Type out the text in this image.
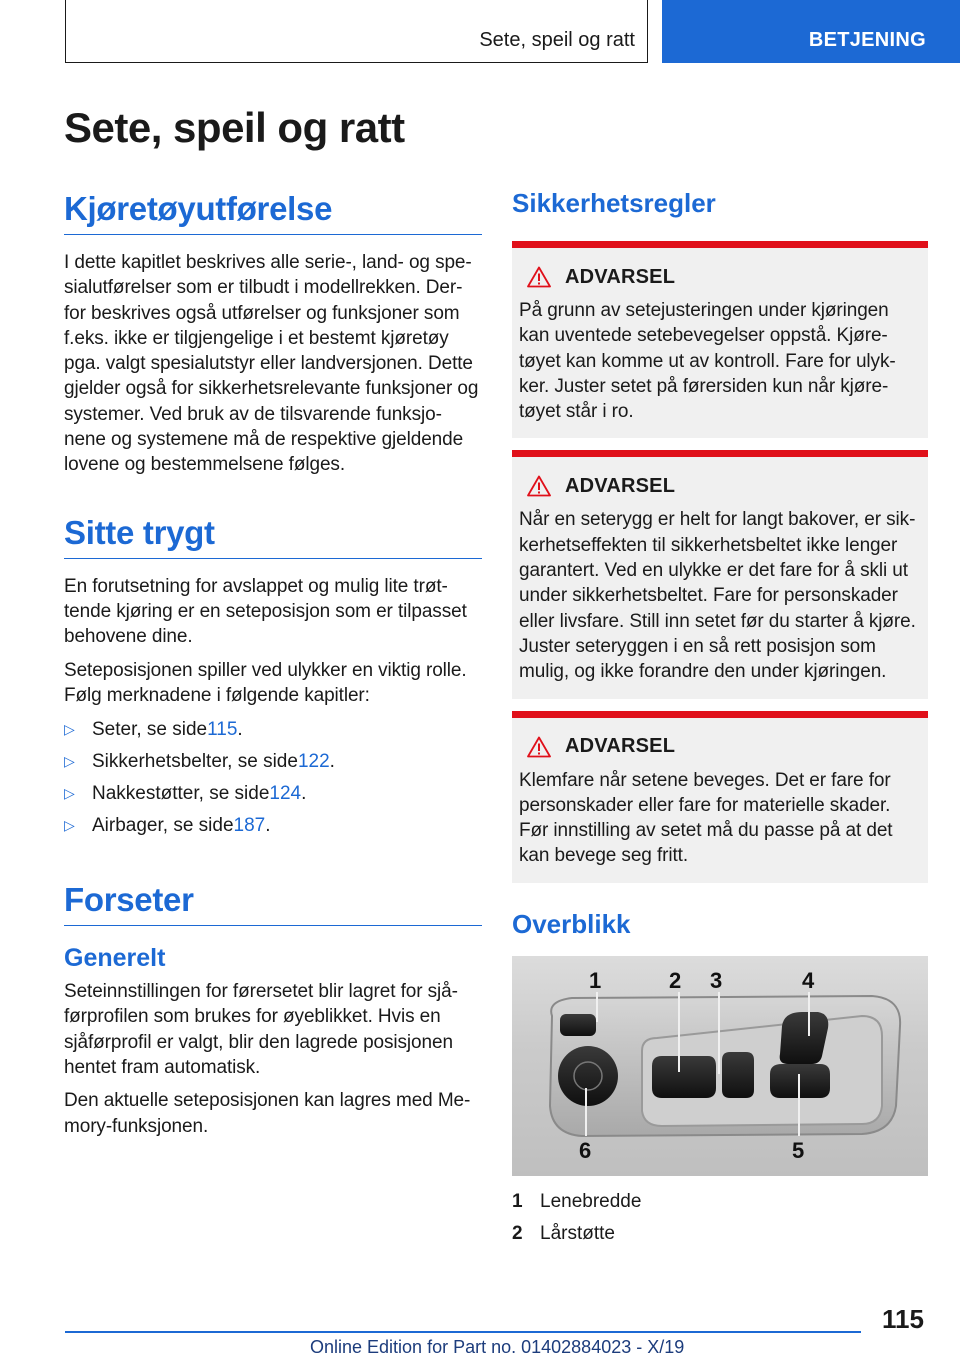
Sete, speil og ratt	BETJENING
Sete, speil og ratt
Kjøretøyutførelse

I dette kapitlet beskrives alle serie-, land- og spe-sialutførelser som er tilbudt i modellrekken. Der-for beskrives også utførelser og funksjoner som f.eks. ikke er tilgjengelige i et bestemt kjøretøy pga. valgt spesialutstyr eller landversjonen. Dette gjelder også for sikkerhetsrelevante funksjoner og systemer. Ved bruk av de tilsvarende funksjo-nene og systemene må de respektive gjeldende lovene og bestemmelsene følges.

Sitte trygt

En forutsetning for avslappet og mulig lite trøt-tende kjøring er en seteposisjon som er tilpasset behovene dine.

Seteposisjonen spiller ved ulykker en viktig rolle. Følg merknadene i følgende kapitler:

▷ Seter, se side 115 .
▷ Sikkerhetsbelter, se side 122 .
▷ Nakkestøtter, se side 124 .
▷ Airbager, se side 187 .
Forseter
Generelt

Seteinnstillingen for førersetet blir lagret for sjå-førprofilen som brukes for øyeblikket. Hvis en sjåførprofil er valgt, blir den lagrede posisjonen hentet fram automatisk.

Den aktuelle seteposisjonen kan lagres med Me-mory-funksjonen.

Sikkerhetsregler
ADVARSEL
På grunn av setejusteringen under kjøringen kan uventede setebevegelser oppstå. Kjøre-tøyet kan komme ut av kontroll. Fare for ulyk-ker. Juster setet på førersiden kun når kjøre-tøyet står i ro.
ADVARSEL
Når en seterygg er helt for langt bakover, er sik-kerhetseffekten til sikkerhetsbeltet ikke lenger garantert. Ved en ulykke er det fare for å skli ut under sikkerhetsbeltet. Fare for personskader eller livsfare. Still inn setet før du starter å kjøre. Juster seteryggen i en så rett posisjon som mulig, og ikke forandre den under kjøringen.
ADVARSEL
Klemfare når setene beveges. Det er fare for personskader eller fare for materielle skader. Før innstilling av setet må du passe på at det kan bevege seg fritt.
Overblikk
1	2 3	4
5
6
1 Lenebredde
2 Lårstøtte
115
Online Edition for Part no. 01402884023 - X/19
